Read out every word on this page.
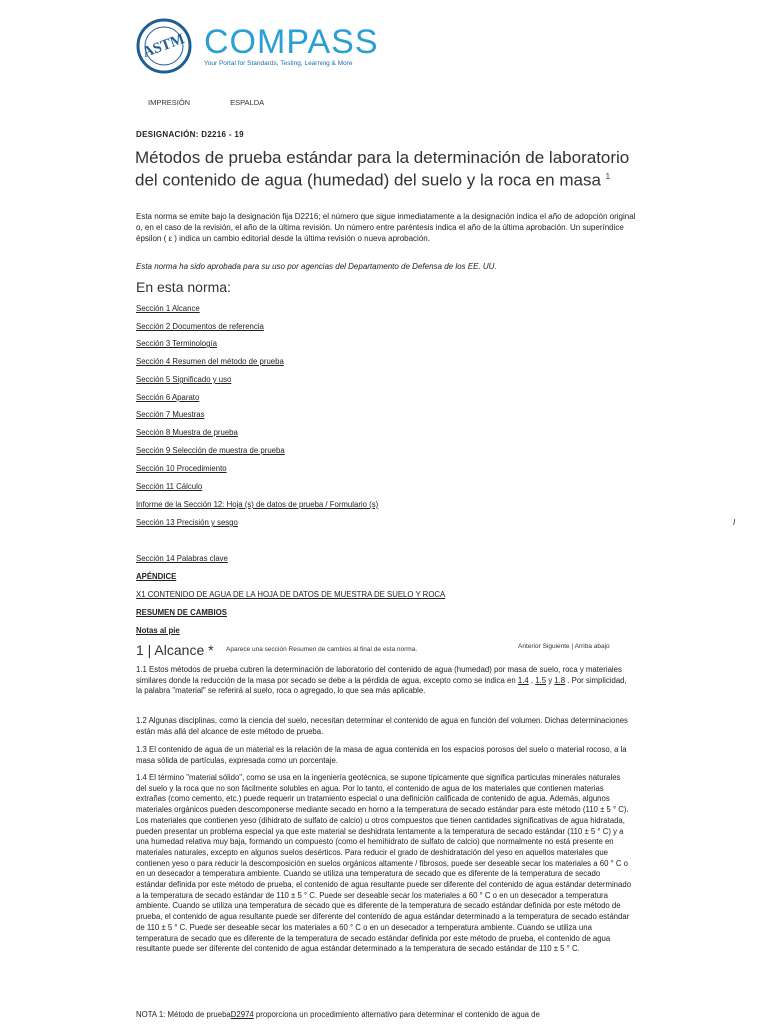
ASTM COMPASS
Your Portal for Standards, Testing, Learning & More
IMPRESIÓN	ESPALDA
DESIGNACIÓN: D2216 - 19
Métodos de prueba estándar para la determinación de laboratorio del contenido de agua (humedad) del suelo y la roca en masa $^1$

Esta norma se emite bajo la designación fija D2216; el número que sigue inmediatamente a la designación indica el año de adopción original o, en el caso de la revisión, el año de la última revisión. Un número entre paréntesis indica el año de la última aprobación. Un superíndice épsilon ( ε ) indica un cambio editorial desde la última revisión o nueva aprobación.

Esta norma ha sido aprobada para su uso por agencias del Departamento de Defensa de los EE. UU.

En esta norma:
Sección 1 Alcance
Sección 2 Documentos de referencia
Sección 3 Terminología
Sección 4 Resumen del método de prueba
Sección 5 Significado y uso
Sección 6 Aparato
Sección 7 Muestras
Sección 8 Muestra de prueba
Sección 9 Selección de muestra de prueba
Sección 10 Procedimiento
Sección 11 Cálculo
Informe de la Sección 12: Hoja (s) de datos de prueba / Formulario (s)
Sección 13 Precisión y sesgo
Sección 14 Palabras clave
APÉNDICE
X1 CONTENIDO DE AGUA DE LA HOJA DE DATOS DE MUESTRA DE SUELO Y ROCA
RESUMEN DE CAMBIOS
Notas al pie
I
1 | Alcance * Aparece una sección Resumen de cambios al final de esta norma.	Anterior Siguiente | Arriba abajo

1.1 Estos métodos de prueba cubren la determinación de laboratorio del contenido de agua (humedad) por masa de suelo, roca y materiales similares donde la reducción de la masa por secado se debe a la pérdida de agua, excepto como se indica en 1.4 , 1.5 y 1.8 . Por simplicidad, la palabra "material" se referirá al suelo, roca o agregado, lo que sea más aplicable.

1.2 Algunas disciplinas, como la ciencia del suelo, necesitan determinar el contenido de agua en función del volumen. Dichas determinaciones están más allá del alcance de este método de prueba.

1.3 El contenido de agua de un material es la relación de la masa de agua contenida en los espacios porosos del suelo o material rocoso, a la masa sólida de partículas, expresada como un porcentaje.

1.4 El término "material sólido", como se usa en la ingeniería geotécnica, se supone típicamente que significa partículas minerales naturales del suelo y la roca que no son fácilmente solubles en agua. Por lo tanto, el contenido de agua de los materiales que contienen materias extrañas (como cemento, etc.) puede requerir un tratamiento especial o una definición calificada de contenido de agua. Además, algunos materiales orgánicos pueden descomponerse mediante secado en horno a la temperatura de secado estándar para este método (110 ± 5 ° C). Los materiales que contienen yeso (dihidrato de sulfato de calcio) u otros compuestos que tienen cantidades significativas de agua hidratada, pueden presentar un problema especial ya que este material se deshidrata lentamente a la temperatura de secado estándar (110 ± 5 ° C) y a una humedad relativa muy baja, formando un compuesto (como el hemihidrato de sulfato de calcio) que normalmente no está presente en materiales naturales, excepto en algunos suelos desérticos. Para reducir el grado de deshidratación del yeso en aquellos materiales que contienen yeso o para reducir la descomposición en suelos orgánicos altamente / fibrosos, puede ser deseable secar los materiales a 60 ° C o en un desecador a temperatura ambiente. Cuando se utiliza una temperatura de secado que es diferente de la temperatura de secado estándar definida por este método de prueba, el contenido de agua resultante puede ser diferente del contenido de agua estándar determinado a la temperatura de secado estándar de 110 ± 5 ° C. Puede ser deseable secar los materiales a 60 ° C o en un desecador a temperatura ambiente. Cuando se utiliza una temperatura de secado que es diferente de la temperatura de secado estándar definida por este método de prueba, el contenido de agua resultante puede ser diferente del contenido de agua estándar determinado a la temperatura de secado estándar de 110 ± 5 ° C. Puede ser deseable secar los materiales a 60 ° C o en un desecador a temperatura ambiente. Cuando se utiliza una temperatura de secado que es diferente de la temperatura de secado estándar definida por este método de prueba, el contenido de agua resultante puede ser diferente del contenido de agua estándar determinado a la temperatura de secado estándar de 110 ± 5 ° C.

NOTA 1: Método de pruebaD2974 proporciona un procedimiento alternativo para determinar el contenido de agua de
